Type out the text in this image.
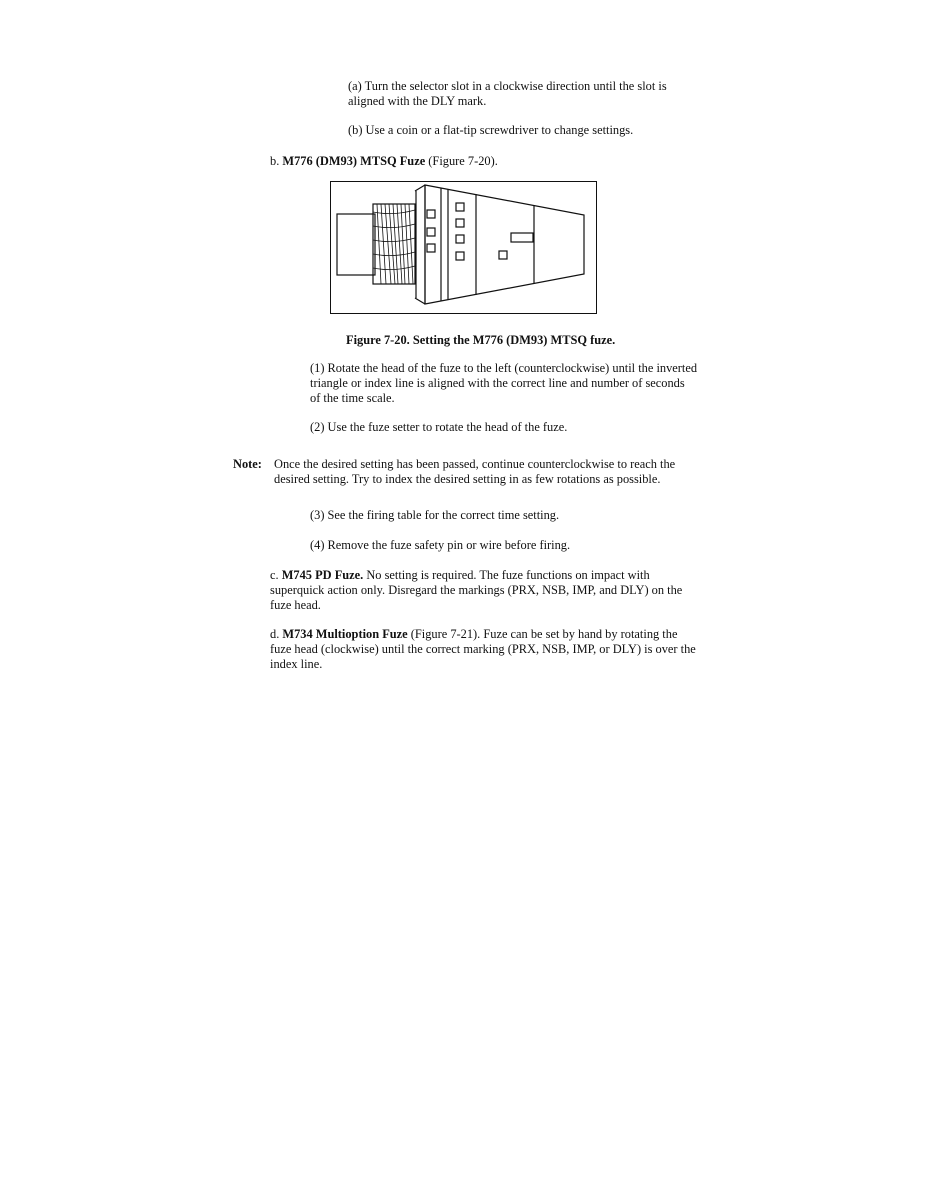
(a) Turn the selector slot in a clockwise direction until the slot is aligned with the DLY mark.

(b) Use a coin or a flat-tip screwdriver to change settings.

b. M776 (DM93) MTSQ Fuze (Figure 7-20).

Figure 7-20. Setting the M776 (DM93) MTSQ fuze.

(1) Rotate the head of the fuze to the left (counterclockwise) until the inverted triangle or index line is aligned with the correct line and number of seconds of the time scale.

(2) Use the fuze setter to rotate the head of the fuze.

Note: Once the desired setting has been passed, continue counterclockwise to reach the desired setting. Try to index the desired setting in as few rotations as possible.

(3) See the firing table for the correct time setting.

(4) Remove the fuze safety pin or wire before firing.

c. M745 PD Fuze. No setting is required. The fuze functions on impact with superquick action only. Disregard the markings (PRX, NSB, IMP, and DLY) on the fuze head.

d. M734 Multioption Fuze (Figure 7-21). Fuze can be set by hand by rotating the fuze head (clockwise) until the correct marking (PRX, NSB, IMP, or DLY) is over the index line.
